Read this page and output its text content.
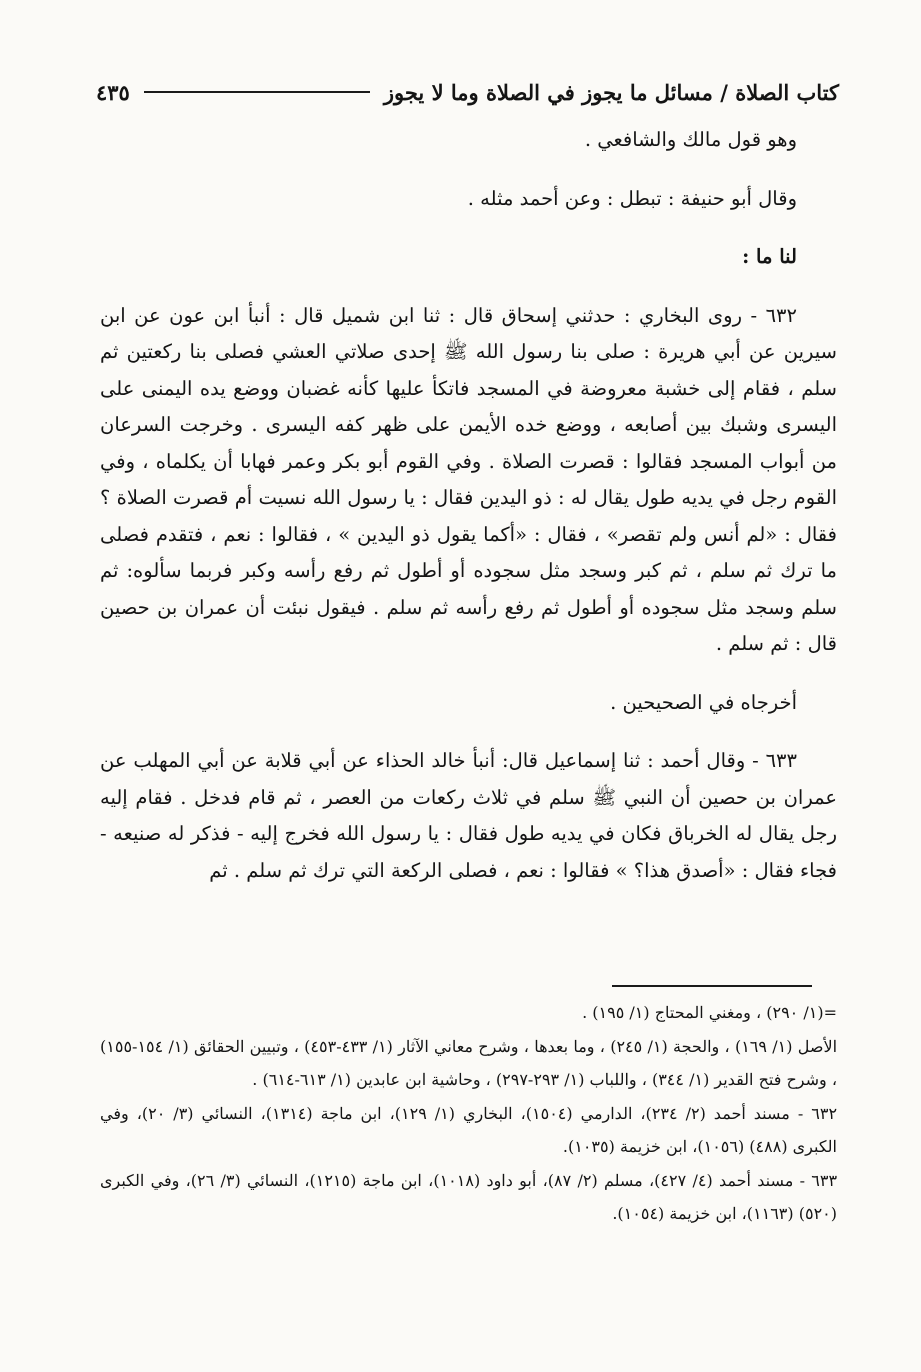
كتاب الصلاة / مسائل ما يجوز في الصلاة وما لا يجوز
٤٣٥

وهو قول مالك والشافعي .

وقال أبو حنيفة : تبطل : وعن أحمد مثله .

لنا ما :

٦٣٢ - روى البخاري : حدثني إسحاق قال : ثنا ابن شميل قال : أنبأ ابن عون عن ابن سيرين عن أبي هريرة : صلى بنا رسول الله ﷺ إحدى صلاتي العشي فصلى بنا ركعتين ثم سلم ، فقام إلى خشبة معروضة في المسجد فاتكأ عليها كأنه غضبان ووضع يده اليمنى على اليسرى وشبك بين أصابعه ، ووضع خده الأيمن على ظهر كفه اليسرى . وخرجت السرعان من أبواب المسجد فقالوا : قصرت الصلاة . وفي القوم أبو بكر وعمر فهابا أن يكلماه ، وفي القوم رجل في يديه طول يقال له : ذو اليدين فقال : يا رسول الله نسيت أم قصرت الصلاة ؟ فقال : «لم أنس ولم تقصر» ، فقال : «أكما يقول ذو اليدين » ، فقالوا : نعم ، فتقدم فصلى ما ترك ثم سلم ، ثم كبر وسجد مثل سجوده أو أطول ثم رفع رأسه وكبر فربما سألوه: ثم سلم وسجد مثل سجوده أو أطول ثم رفع رأسه ثم سلم . فيقول نبئت أن عمران بن حصين قال : ثم سلم .

أخرجاه في الصحيحين .

٦٣٣ - وقال أحمد : ثنا إسماعيل قال: أنبأ خالد الحذاء عن أبي قلابة عن أبي المهلب عن عمران بن حصين أن النبي ﷺ سلم في ثلاث ركعات من العصر ، ثم قام فدخل . فقام إليه رجل يقال له الخرباق فكان في يديه طول فقال : يا رسول الله فخرج إليه - فذكر له صنيعه - فجاء فقال : «أصدق هذا؟ » فقالوا : نعم ، فصلى الركعة التي ترك ثم سلم . ثم

=(١/ ٢٩٠) ، ومغني المحتاج (١/ ١٩٥) .

الأصل (١/ ١٦٩) ، والحجة (١/ ٢٤٥) ، وما بعدها ، وشرح معاني الآثار (١/ ٤٣٣-٤٥٣) ، وتبيين الحقائق (١/ ١٥٤-١٥٥) ، وشرح فتح القدير (١/ ٣٤٤) ، واللباب (١/ ٢٩٣-٢٩٧) ، وحاشية ابن عابدين (١/ ٦١٣-٦١٤) .

٦٣٢ - مسند أحمد (٢/ ٢٣٤)، الدارمي (١٥٠٤)، البخاري (١/ ١٢٩)، ابن ماجة (١٣١٤)، النسائي (٣/ ٢٠)، وفي الكبرى (٤٨٨) (١٠٥٦)، ابن خزيمة (١٠٣٥).

٦٣٣ - مسند أحمد (٤/ ٤٢٧)، مسلم (٢/ ٨٧)، أبو داود (١٠١٨)، ابن ماجة (١٢١٥)، النسائي (٣/ ٢٦)، وفي الكبرى (٥٢٠) (١١٦٣)، ابن خزيمة (١٠٥٤).
